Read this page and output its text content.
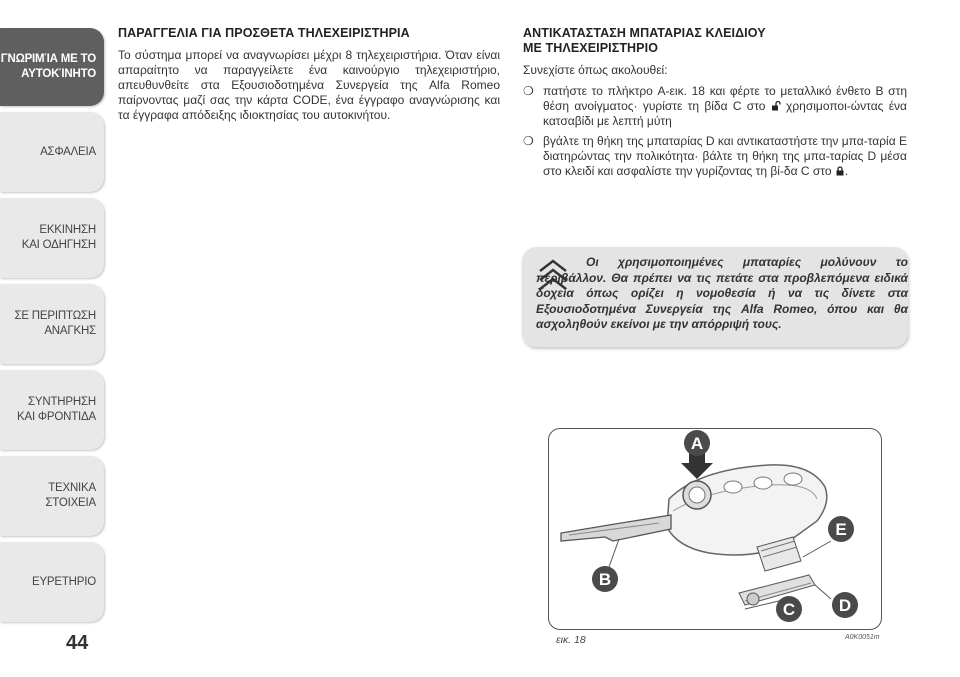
ΓΝΩΡΙΜΊΑ ΜΕ ΤΟ
ΑΥΤΟΚΊΝΗΤΟ
ΑΣΦΑΛΕΙΑ
ΕΚΚΙΝΗΣΗ
ΚΑΙ ΟΔΗΓΗΣΗ
ΣΕ ΠΕΡΙΠΤΩΣΗ
ΑΝΑΓΚΗΣ
ΣΥΝΤΗΡΗΣΗ
ΚΑΙ ΦΡΟΝΤΙΔΑ
ΤΕΧΝΙΚΑ
ΣΤΟΙΧΕΙΑ
ΕΥΡΕΤΗΡΙΟ
44
ΠΑΡΑΓΓΕΛΙΑ ΓΙΑ ΠΡΟΣΘΕΤΑ ΤΗΛΕΧΕΙΡΙΣΤΗΡΙΑ

Το σύστημα μπορεί να αναγνωρίσει μέχρι 8 τηλεχειριστήρια. Όταν είναι απαραίτητο να παραγγείλετε ένα καινούργιο τηλεχειριστήριο, απευθυνθείτε στα Εξουσιοδοτημένα Συνεργεία της Alfa Romeo παίρνοντας μαζί σας την κάρτα CODE, ένα έγγραφο αναγνώρισης και τα έγγραφα απόδειξης ιδιοκτησίας του αυτοκινήτου.

ΑΝΤΙΚΑΤΑΣΤΑΣΗ ΜΠΑΤΑΡΙΑΣ ΚΛΕΙΔΙΟΥ
ΜΕ ΤΗΛΕΧΕΙΡΙΣΤΗΡΙΟ

Συνεχίστε όπως ακολουθεί:

❍ πατήστε το πλήκτρο A-εικ. 18 και φέρτε το μεταλλικό ένθετο B στη θέση ανοίγματος· γυρίστε τη βίδα C στο χρησιμοποι-ώντας ένα κατσαβίδι με λεπτή μύτη
❍ βγάλτε τη θήκη της μπαταρίας D και αντικαταστήστε την μπα-ταρία E διατηρώντας την πολικότητα· βάλτε τη θήκη της μπα-ταρίας D μέσα στο κλειδί και ασφαλίστε την γυρίζοντας τη βί-δα C στο .
Οι χρησιμοποιημένες μπαταρίες μολύνουν το περιβάλλον. Θα πρέπει να τις πετάτε στα προβλεπόμενα ειδικά δοχεία όπως ορίζει η νομοθεσία ή να τις δίνετε στα Εξουσιοδοτημένα Συνεργεία της Alfa Romeo, όπου και θα ασχοληθούν εκείνοι με την απόρριψή τους.
A
B
C	D
E
εικ. 18	A0K0051m
